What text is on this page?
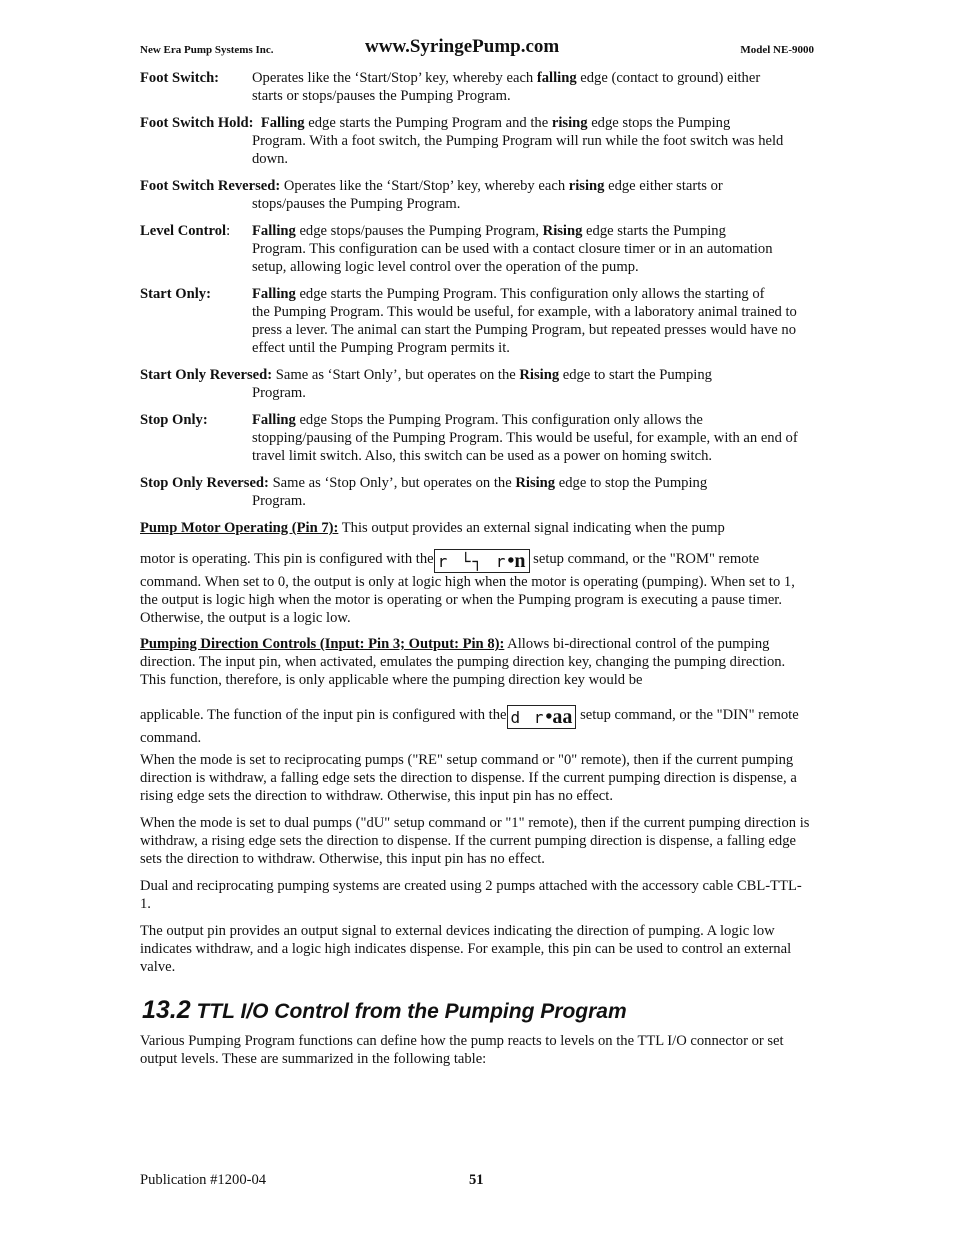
New Era Pump Systems Inc.	www.SyringePump.com	Model NE-9000
Foot Switch: Operates like the ‘Start/Stop’ key, whereby each falling edge (contact to ground) either
starts or stops/pauses the Pumping Program.
Foot Switch Hold: Falling edge starts the Pumping Program and the rising edge stops the Pumping
Program. With a foot switch, the Pumping Program will run while the foot switch was held down.
Foot Switch Reversed: Operates like the ‘Start/Stop’ key, whereby each rising edge either starts or
stops/pauses the Pumping Program.
Level Control: Falling edge stops/pauses the Pumping Program, Rising edge starts the Pumping
Program. This configuration can be used with a contact closure timer or in an automation setup, allowing logic level control over the operation of the pump.
Start Only:	Falling edge starts the Pumping Program. This configuration only allows the starting of
the Pumping Program. This would be useful, for example, with a laboratory animal trained to press a lever. The animal can start the Pumping Program, but repeated presses would have no effect until the Pumping Program permits it.
Start Only Reversed: Same as ‘Start Only’, but operates on the Rising edge to start the Pumping
Program.
Stop Only:	Falling edge Stops the Pumping Program. This configuration only allows the
stopping/pausing of the Pumping Program. This would be useful, for example, with an end of travel limit switch. Also, this switch can be used as a power on homing switch.
Stop Only Reversed: Same as ‘Stop Only’, but operates on the Rising edge to stop the Pumping
Program.

Pump Motor Operating (Pin 7): This output provides an external signal indicating when the pump
motor is operating. This pin is configured with ther └┐ r•n setup command, or the "ROM" remote command. When set to 0, the output is only at logic high when the motor is operating (pumping). When set to 1, the output is logic high when the motor is operating or when the Pumping program is executing a pause timer. Otherwise, the output is a logic low.

Pumping Direction Controls (Input: Pin 3; Output: Pin 8): Allows bi-directional control of the pumping direction. The input pin, when activated, emulates the pumping direction key, changing the pumping direction. This function, therefore, is only applicable where the pumping direction key would be
applicable. The function of the input pin is configured with thed r•aa setup command, or the "DIN" remote command.

When the mode is set to reciprocating pumps ("RE" setup command or "0" remote), then if the current pumping direction is withdraw, a falling edge sets the direction to dispense. If the current pumping direction is dispense, a rising edge sets the direction to withdraw. Otherwise, this input pin has no effect.

When the mode is set to dual pumps ("dU" setup command or "1" remote), then if the current pumping direction is withdraw, a rising edge sets the direction to dispense. If the current pumping direction is dispense, a falling edge sets the direction to withdraw. Otherwise, this input pin has no effect.

Dual and reciprocating pumping systems are created using 2 pumps attached with the accessory cable CBL-TTL-1.

The output pin provides an output signal to external devices indicating the direction of pumping. A logic low indicates withdraw, and a logic high indicates dispense. For example, this pin can be used to control an external valve.

13.2 TTL I/O Control from the Pumping Program

Various Pumping Program functions can define how the pump reacts to levels on the TTL I/O connector or set output levels. These are summarized in the following table:

Publication #1200-04	51
